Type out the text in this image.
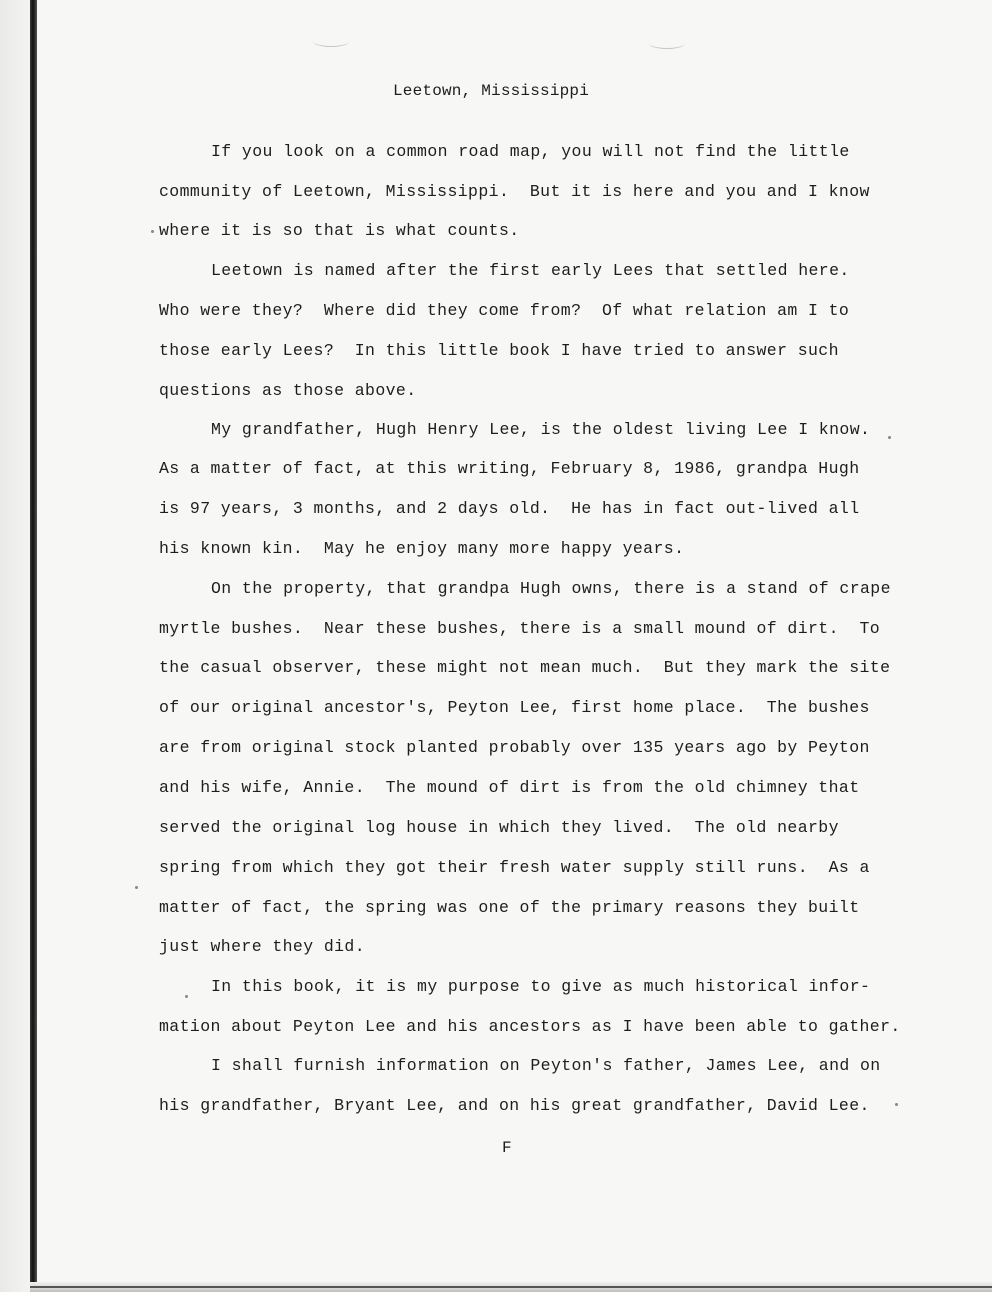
Leetown, Mississippi
If you look on a common road map, you will not find the little
community of Leetown, Mississippi.  But it is here and you and I know
where it is so that is what counts.
Leetown is named after the first early Lees that settled here.
Who were they?  Where did they come from?  Of what relation am I to
those early Lees?  In this little book I have tried to answer such
questions as those above.
My grandfather, Hugh Henry Lee, is the oldest living Lee I know.
As a matter of fact, at this writing, February 8, 1986, grandpa Hugh
is 97 years, 3 months, and 2 days old.  He has in fact out-lived all
his known kin.  May he enjoy many more happy years.
On the property, that grandpa Hugh owns, there is a stand of crape
myrtle bushes.  Near these bushes, there is a small mound of dirt.  To
the casual observer, these might not mean much.  But they mark the site
of our original ancestor's, Peyton Lee, first home place.  The bushes
are from original stock planted probably over 135 years ago by Peyton
and his wife, Annie.  The mound of dirt is from the old chimney that
served the original log house in which they lived.  The old nearby
spring from which they got their fresh water supply still runs.  As a
matter of fact, the spring was one of the primary reasons they built
just where they did.
In this book, it is my purpose to give as much historical infor-
mation about Peyton Lee and his ancestors as I have been able to gather.
I shall furnish information on Peyton's father, James Lee, and on
his grandfather, Bryant Lee, and on his great grandfather, David Lee.
F
